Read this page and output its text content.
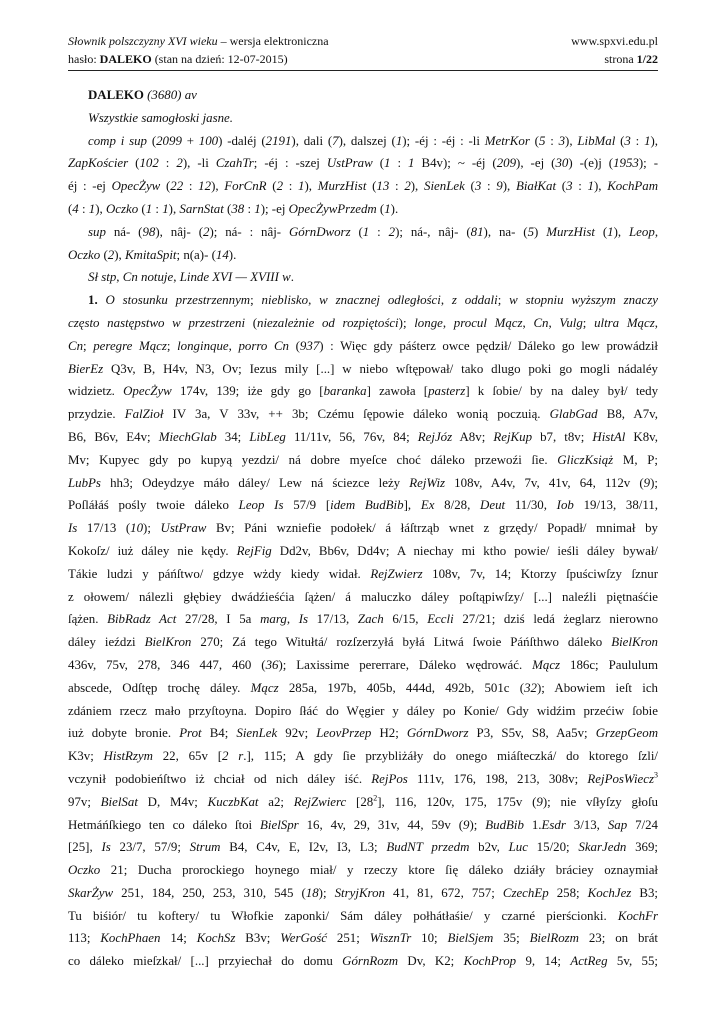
Słownik polszczyzny XVI wieku – wersja elektroniczna	www.spxvi.edu.pl
hasło: DALEKO (stan na dzień: 12-07-2015)	strona 1/22

DALEKO (3680) av

Wszystkie samogłoski jasne.

comp i sup (2099 + 100) -daléj (2191), dali (7), dalszej (1); -éj : -éj : -li MetrKor (5 : 3), LibMal (3 : 1),
ZapKościer (102 : 2), -li CzahTr; -éj : -szej UstPraw (1 : 1 B4v); ~ -éj (209), -ej (30) -(e)j (1953); -
éj : -ej OpecŻyw (22 : 12), ForCnR (2 : 1), MurzHist (13 : 2), SienLek (3 : 9), BiałKat (3 : 1), KochPam
(4 : 1), Oczko (1 : 1), SarnStat (38 : 1); -ej OpecŻywPrzedm (1).
sup ná- (98), nâj- (2); ná- : nâj- GórnDworz (1 : 2); ná-, nâj- (81), na- (5) MurzHist (1), Leop,
Oczko (2), KmitaSpit; n(a)- (14).

Sł stp, Cn notuje, Linde XVI — XVIII w.

1. O stosunku przestrzennym; nieblisko, w znacznej odległości, z oddali; w stopniu wyższym znaczy
często następstwo w przestrzeni (niezależnie od rozpiętości); longe, procul Mącz, Cn, Vulg; ultra Mącz,
Cn; peregre Mącz; longinque, porro Cn (937) : Więc gdy páśterz owce pędził/ Dáleko go lew prowádził
BierEz Q3v, B, H4v, N3, Ov; Iezus mily [...] w niebo wſtępował/ tako dlugo poki go mogli nádaléy
widzietz. OpecŻyw 174v, 139; iże gdy go [baranka] zawoła [pasterz] k ſobie/ by na daley był/ tedy
przydzie. FalZioł IV 3a, V 33v, ++ 3b; Czému ſępowie dáleko wonią poczuią. GlabGad B8, A7v,
B6, B6v, E4v; MiechGlab 34; LibLeg 11/11v, 56, 76v, 84; RejJóz A8v; RejKup b7, t8v; HistAl K8v,
Mv; Kupyec gdy po kupyą yezdzi/ ná dobre myeſce choć dáleko przewoźi ſie. GliczKsiąż M, P;
LubPs hh3; Odeydzye máło dáley/ Lew ná ściezce leży RejWiz 108v, A4v, 7v, 41v, 64, 112v (9);
Poſláłáś pośly twoie dáleko Leop Is 57/9 [idem BudBib], Ex 8/28, Deut 11/30, Iob 19/13, 38/11,
Is 17/13 (10); UstPraw Bv; Páni wzniefie podołek/ á łáſtrząb wnet z grzędy/ Popadł/ mnimał by
Kokoſz/ iuż dáley nie kędy. RejFig Dd2v, Bb6v, Dd4v; A niechay mi ktho powie/ ieśli dáley bywał/
Tákie ludzi y páńſtwo/ gdzye wżdy kiedy widał. RejZwierz 108v, 7v, 14; Ktorzy ſpuściwſzy ſznur
z ołowem/ nálezli głębiey dwádźieśćia ſążen/ á maluczko dáley poſtąpiwſzy/ [...] naleźli piętnaśćie
ſążen. BibRadz Act 27/28, I 5a marg, Is 17/13, Zach 6/15, Eccli 27/21; dziś ledá żeglarz nierowno
dáley ieździ BielKron 270; Zá tego Witułtá/ rozſzerzyłá byłá Litwá ſwoie Páńſthwo dáleko BielKron
436v, 75v, 278, 346 447, 460 (36); Laxissime pererrare, Dáleko wędrowáć. Mącz 186c; Paululum
abscede, Odſtęp trochę dáley. Mącz 285a, 197b, 405b, 444d, 492b, 501c (32); Abowiem ieſt ich
zdániem rzecz mało przyſtoyna. Dopiro ſłáć do Węgier y dáley po Konie/ Gdy widźim przećiw ſobie
iuż dobyte bronie. Prot B4; SienLek 92v; LeovPrzep H2; GórnDworz P3, S5v, S8, Aa5v; GrzepGeom
K3v; HistRzym 22, 65v [2 r.], 115; A gdy ſie przybliżáły do onego miáſteczká/ do ktorego ſzli/
vczynił podobieńſtwo iż chciał od nich dáley iść. RejPos 111v, 176, 198, 213, 308v; RejPosWiecz$^3$
97v; BielSat D, M4v; KuczbKat a2; RejZwierc $[28^2]$, 116, 120v, 175, 175v (9); nie vſłyſzy głoſu
Hetmáńſkiego ten co dáleko ſtoi BielSpr 16, 4v, 29, 31v, 44, 59v (9); BudBib 1.Esdr 3/13, Sap 7/24
[25], Is 23/7, 57/9; Strum B4, C4v, E, I2v, I3, L3; BudNT przedm b2v, Luc 15/20; SkarJedn 369;
Oczko 21; Ducha prorockiego hoynego miał/ y rzeczy ktore ſię dáleko dziáły bráciey oznaymiał
SkarŻyw 251, 184, 250, 253, 310, 545 (18); StryjKron 41, 81, 672, 757; CzechEp 258; KochJez B3;
Tu biśiór/ tu koftery/ tu Włofkie zaponki/ Sám dáley połhátłaśie/ y czarné pierścionki. KochFr
113; KochPhaen 14; KochSz B3v; WerGość 251; WisznTr 10; BielSjem 35; BielRozm 23; on brát
co dáleko mieſzkał/ [...] przyiechał do domu GórnRozm Dv, K2; KochProp 9, 14; ActReg 5v, 55;
